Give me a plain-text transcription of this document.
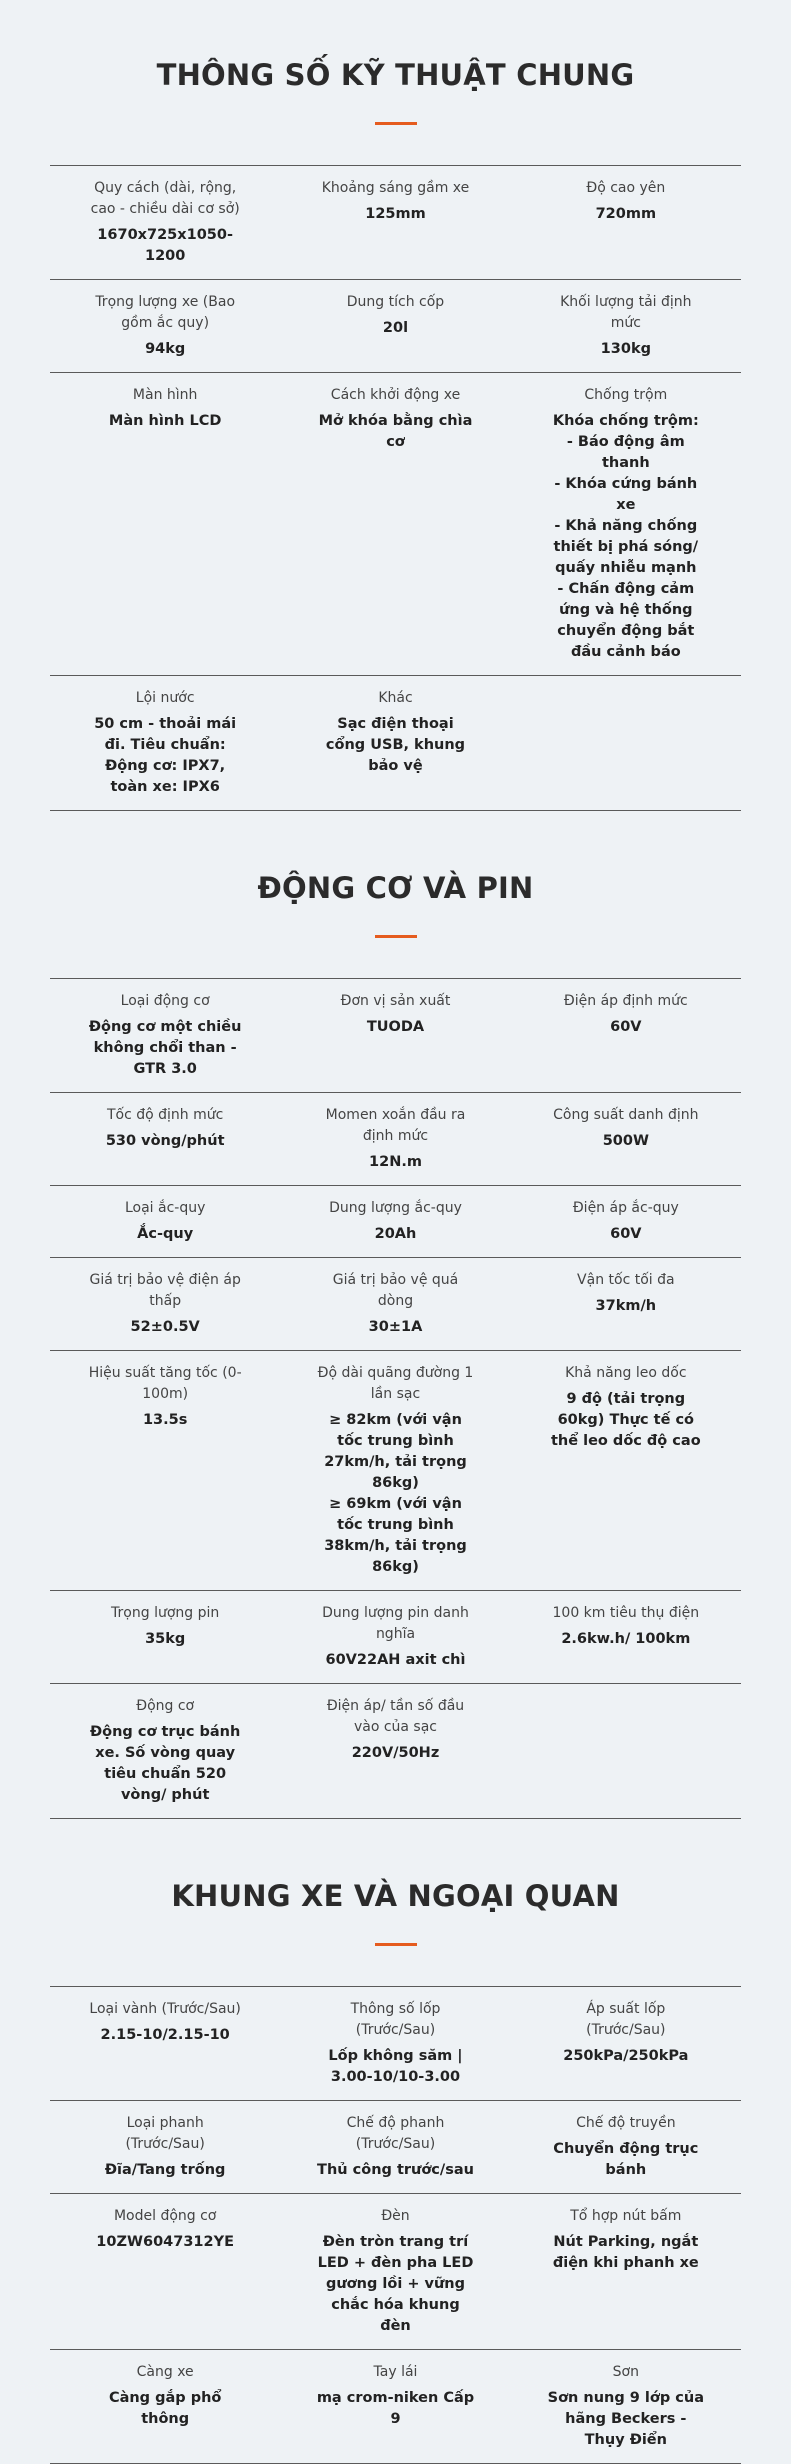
THÔNG SỐ KỸ THUẬT CHUNG
Quy cách (dài, rộng, cao - chiều dài cơ sở)
1670x725x1050-1200
Khoảng sáng gầm xe
125mm
Độ cao yên
720mm
Trọng lượng xe (Bao gồm ắc quy)
94kg
Dung tích cốp
20l
Khối lượng tải định mức
130kg
Màn hình
Màn hình LCD
Cách khởi động xe
Mở khóa bằng chìa cơ
Chống trộm
Khóa chống trộm:
- Báo động âm thanh
- Khóa cứng bánh xe
- Khả năng chống thiết bị phá sóng/ quấy nhiễu mạnh
- Chấn động cảm ứng và hệ thống chuyển động bắt đầu cảnh báo
Lội nước
50 cm - thoải mái đi. Tiêu chuẩn: Động cơ: IPX7, toàn xe: IPX6
Khác
Sạc điện thoại cổng USB, khung bảo vệ
ĐỘNG CƠ VÀ PIN
Loại động cơ
Động cơ một chiều không chổi than - GTR 3.0
Đơn vị sản xuất
TUODA
Điện áp định mức
60V
Tốc độ định mức
530 vòng/phút
Momen xoắn đầu ra định mức
12N.m
Công suất danh định
500W
Loại ắc-quy
Ắc-quy
Dung lượng ắc-quy
20Ah
Điện áp ắc-quy
60V
Giá trị bảo vệ điện áp thấp
52±0.5V
Giá trị bảo vệ quá dòng
30±1A
Vận tốc tối đa
37km/h
Hiệu suất tăng tốc (0-100m)
13.5s
Độ dài quãng đường 1 lần sạc
≥ 82km (với vận tốc trung bình 27km/h, tải trọng 86kg)
≥ 69km (với vận tốc trung bình 38km/h, tải trọng 86kg)
Khả năng leo dốc
9 độ (tải trọng 60kg) Thực tế có thể leo dốc độ cao
Trọng lượng pin
35kg
Dung lượng pin danh nghĩa
60V22AH axit chì
100 km tiêu thụ điện
2.6kw.h/ 100km
Động cơ
Động cơ trục bánh xe. Số vòng quay tiêu chuẩn 520 vòng/ phút
Điện áp/ tần số đầu vào của sạc
220V/50Hz
KHUNG XE VÀ NGOẠI QUAN
Loại vành (Trước/Sau)
2.15-10/2.15-10
Thông số lốp (Trước/Sau)
Lốp không săm | 3.00-10/10-3.00
Áp suất lốp (Trước/Sau)
250kPa/250kPa
Loại phanh (Trước/Sau)
Đĩa/Tang trống
Chế độ phanh (Trước/Sau)
Thủ công trước/sau
Chế độ truyền
Chuyển động trục bánh
Model động cơ
10ZW6047312YE
Đèn
Đèn tròn trang trí LED + đèn pha LED gương lồi + vững chắc hóa khung đèn
Tổ hợp nút bấm
Nút Parking, ngắt điện khi phanh xe
Càng xe
Càng gắp phổ thông
Tay lái
mạ crom-niken Cấp 9
Sơn
Sơn nung 9 lớp của hãng Beckers - Thụy Điển
